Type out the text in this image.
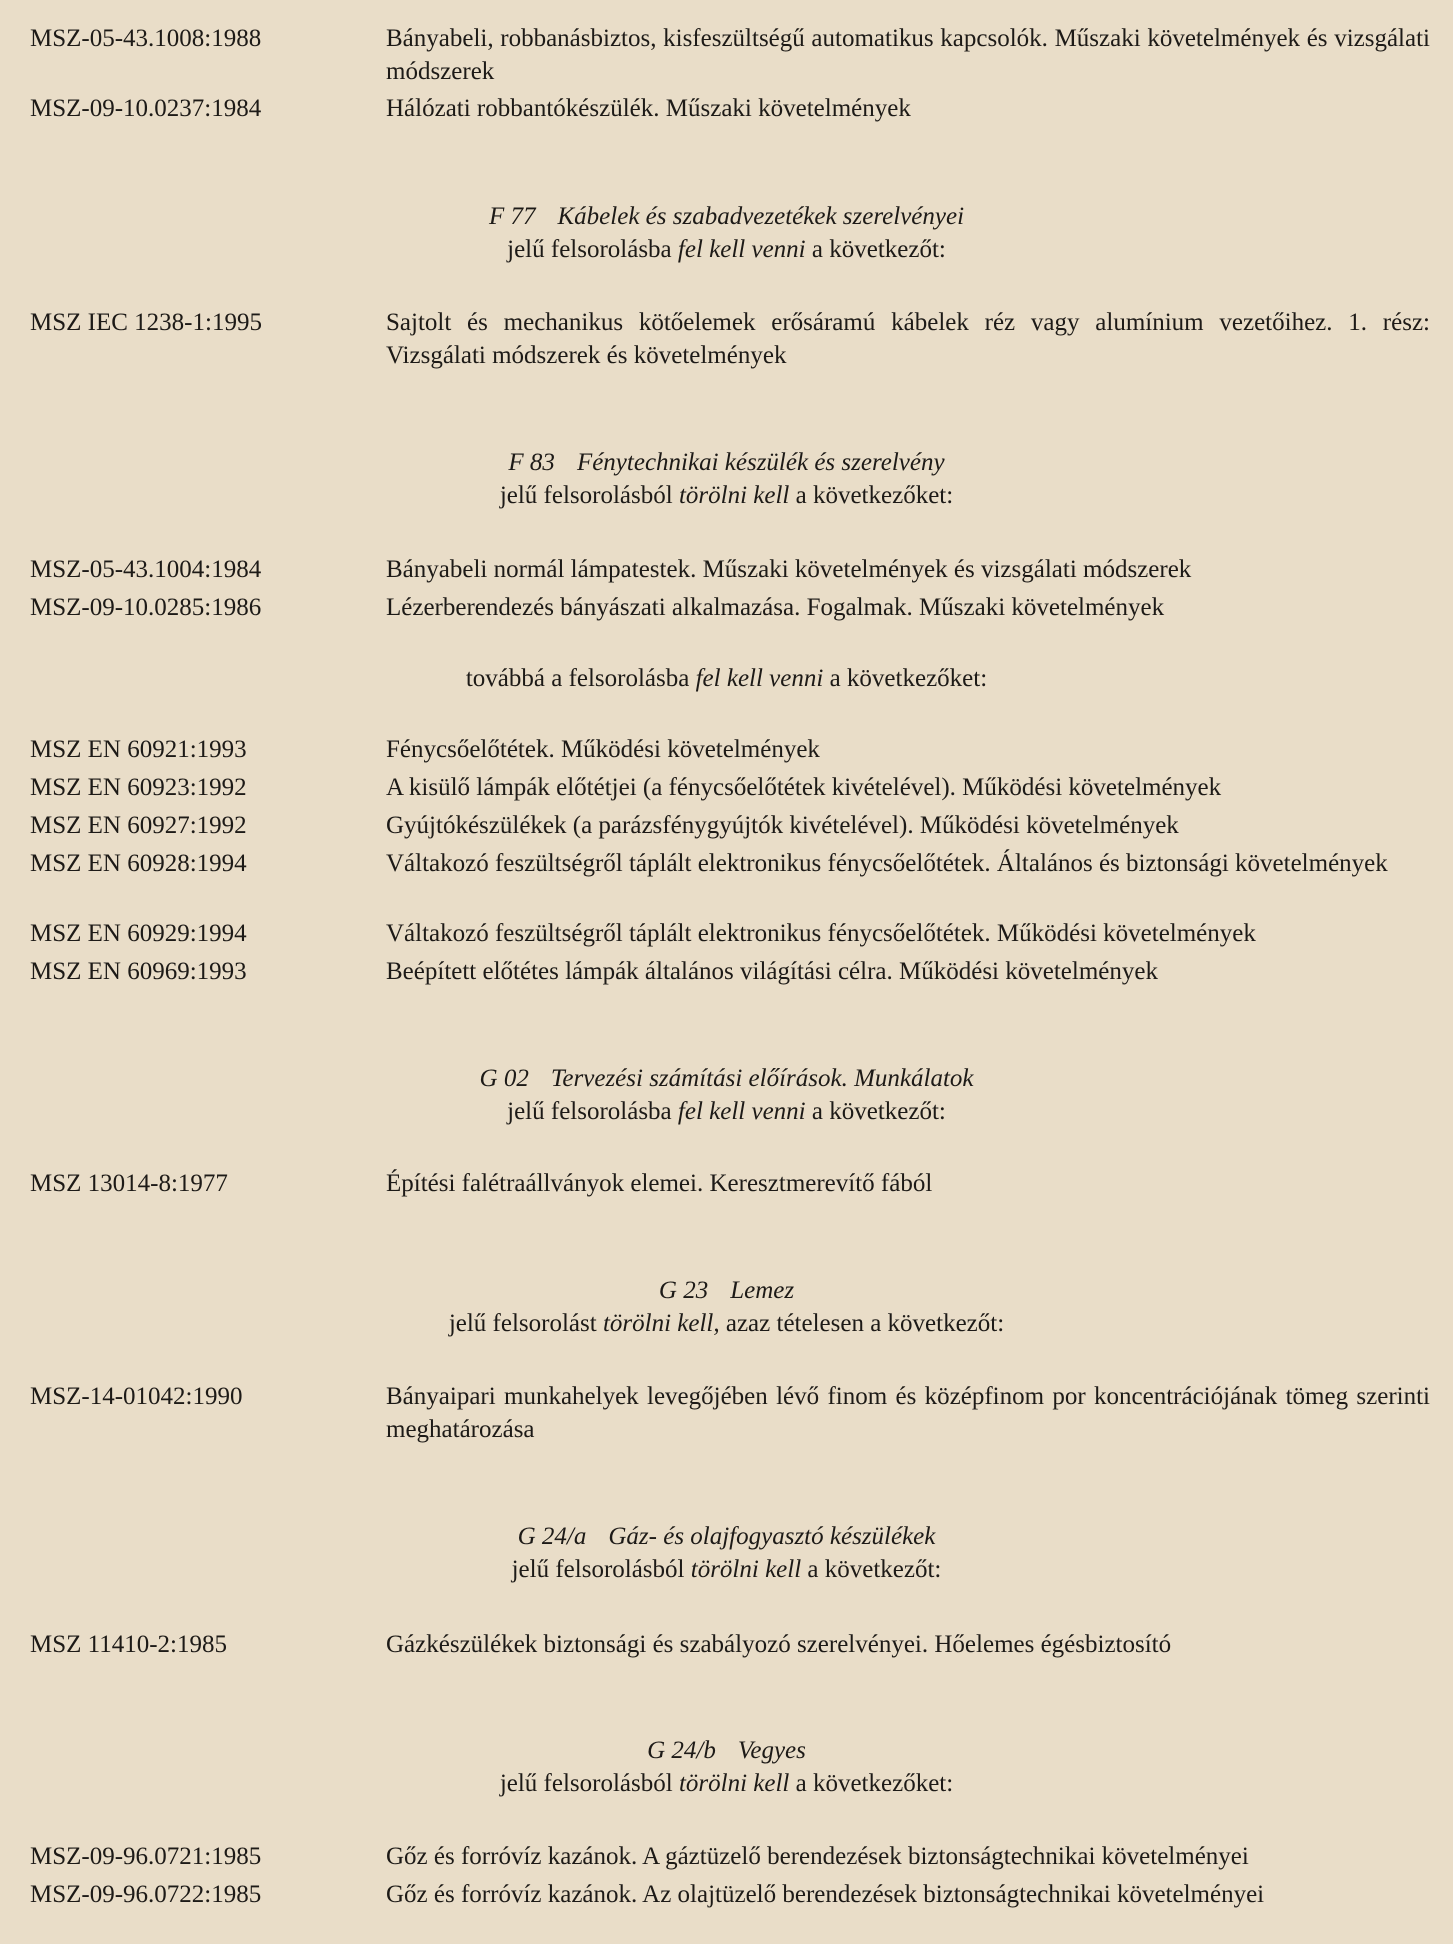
MSZ-05-43.1008:1988	Bányabeli, robbanásbiztos, kisfeszültségű automatikus kapcsolók. Műszaki követelmények és vizsgálati módszerek
MSZ-09-10.0237:1984	Hálózati robbantókészülék. Műszaki követelmények
F 77 Kábelek és szabadvezetékek szerelvényei
jelű felsorolásba fel kell venni a következőt:
MSZ IEC 1238-1:1995	Sajtolt és mechanikus kötőelemek erősáramú kábelek réz vagy alumínium vezetőihez. 1. rész: Vizsgálati módszerek és követelmények
F 83 Fénytechnikai készülék és szerelvény
jelű felsorolásból törölni kell a következőket:
MSZ-05-43.1004:1984	Bányabeli normál lámpatestek. Műszaki követelmények és vizsgálati módszerek
MSZ-09-10.0285:1986	Lézerberendezés bányászati alkalmazása. Fogalmak. Műszaki követelmények
továbbá a felsorolásba fel kell venni a következőket:
MSZ EN 60921:1993	Fénycsőelőtétek. Működési követelmények
MSZ EN 60923:1992	A kisülő lámpák előtétjei (a fénycsőelőtétek kivételével). Működési követelmények
MSZ EN 60927:1992	Gyújtókészülékek (a parázsfénygyújtók kivételével). Működési követelmények
MSZ EN 60928:1994	Váltakozó feszültségről táplált elektronikus fénycsőelőtétek. Általános és biztonsági követelmények
MSZ EN 60929:1994	Váltakozó feszültségről táplált elektronikus fénycsőelőtétek. Működési követelmények
MSZ EN 60969:1993	Beépített előtétes lámpák általános világítási célra. Működési követelmények
G 02 Tervezési számítási előírások. Munkálatok
jelű felsorolásba fel kell venni a következőt:
MSZ 13014-8:1977	Építési falétraállványok elemei. Keresztmerevítő fából
G 23 Lemez
jelű felsorolást törölni kell, azaz tételesen a következőt:
MSZ-14-01042:1990	Bányaipari munkahelyek levegőjében lévő finom és középfinom por koncentrációjának tömeg szerinti meghatározása
G 24/a Gáz- és olajfogyasztó készülékek
jelű felsorolásból törölni kell a következőt:
MSZ 11410-2:1985	Gázkészülékek biztonsági és szabályozó szerelvényei. Hőelemes égésbiztosító
G 24/b Vegyes
jelű felsorolásból törölni kell a következőket:
MSZ-09-96.0721:1985	Gőz és forróvíz kazánok. A gáztüzelő berendezések biztonságtechnikai követelményei
MSZ-09-96.0722:1985	Gőz és forróvíz kazánok. Az olajtüzelő berendezések biztonságtechnikai követelményei
